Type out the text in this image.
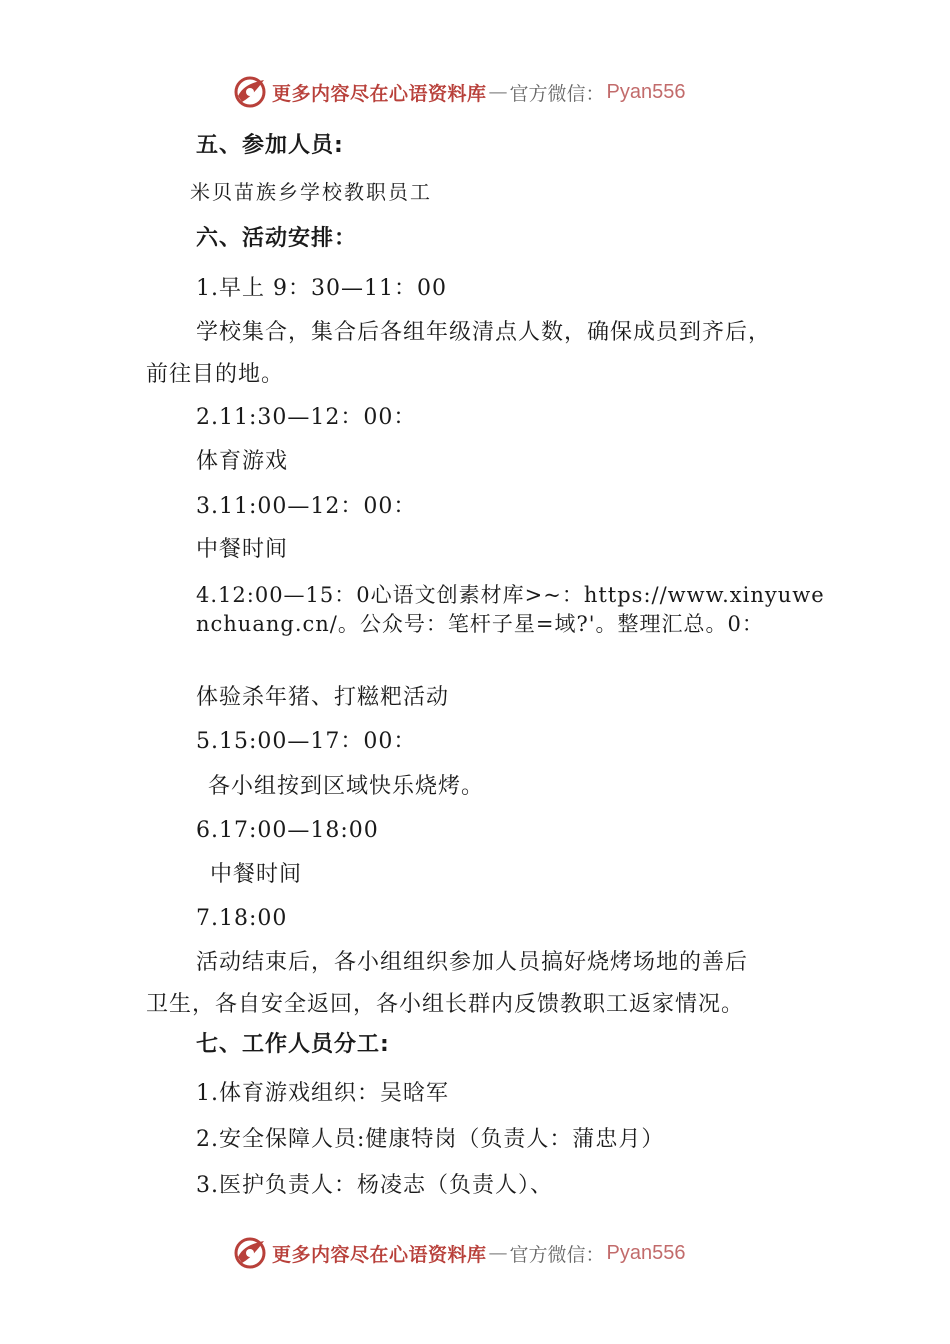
更多内容尽在心语资料库 — 官方微信： Pyan556
五、参加人员:
米贝苗族乡学校教职员工
六、活动安排：
1.早上 9：30—11：00
学校集合，集合后各组年级清点人数，确保成员到齐后，
前往目的地。
2.11:30—12：00：
体育游戏
3.11:00—12：00：
中餐时间
4.12:00—15：0心语文创素材库>~：https://www.xinyuwenchuang.cn/。公众号：笔杆子星=域?'。整理汇总。0：
体验杀年猪、打糍粑活动
5.15:00—17：00：
各小组按到区域快乐烧烤。
6.17:00—18:00
中餐时间
7.18:00
活动结束后，各小组组织参加人员搞好烧烤场地的善后
卫生，各自安全返回，各小组长群内反馈教职工返家情况。
七、工作人员分工:
1.体育游戏组织：吴晗军
2.安全保障人员:健康特岗（负责人：蒲忠月）
3.医护负责人：杨凌志（负责人）、
更多内容尽在心语资料库 — 官方微信： Pyan556
